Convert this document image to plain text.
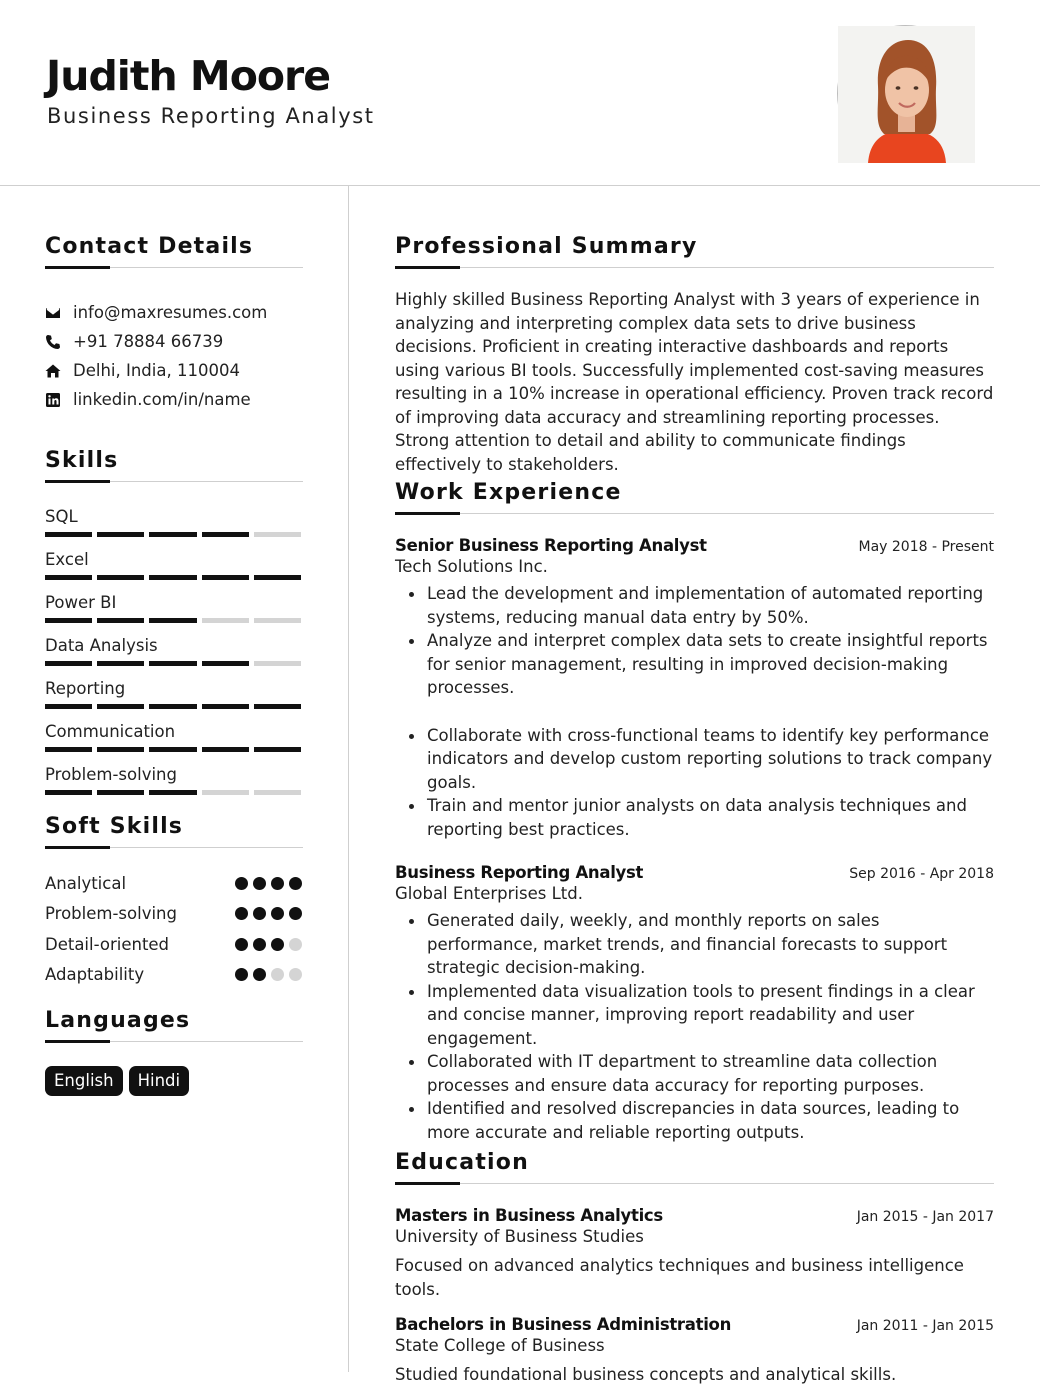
Judith Moore
Business Reporting Analyst
Contact Details
info@maxresumes.com
+91 78884 66739
Delhi, India, 110004
linkedin.com/in/name
Skills
SQL
Excel
Power BI
Data Analysis
Reporting
Communication
Problem-solving
Soft Skills
Analytical
Problem-solving
Detail-oriented
Adaptability
Languages
English	Hindi
Professional Summary
Highly skilled Business Reporting Analyst with 3 years of experience in analyzing and interpreting complex data sets to drive business decisions. Proficient in creating interactive dashboards and reports using various BI tools. Successfully implemented cost-saving measures resulting in a 10% increase in operational efficiency. Proven track record of improving data accuracy and streamlining reporting processes. Strong attention to detail and ability to communicate findings effectively to stakeholders.
Work Experience
Senior Business Reporting Analyst	May 2018 - Present
Tech Solutions Inc.
Lead the development and implementation of automated reporting systems, reducing manual data entry by 50%.
Analyze and interpret complex data sets to create insightful reports for senior management, resulting in improved decision-making processes.
Collaborate with cross-functional teams to identify key performance indicators and develop custom reporting solutions to track company goals.
Train and mentor junior analysts on data analysis techniques and reporting best practices.
Business Reporting Analyst	Sep 2016 - Apr 2018
Global Enterprises Ltd.
Generated daily, weekly, and monthly reports on sales performance, market trends, and financial forecasts to support strategic decision-making.
Implemented data visualization tools to present findings in a clear and concise manner, improving report readability and user engagement.
Collaborated with IT department to streamline data collection processes and ensure data accuracy for reporting purposes.
Identified and resolved discrepancies in data sources, leading to more accurate and reliable reporting outputs.
Education
Masters in Business Analytics	Jan 2015 - Jan 2017
University of Business Studies
Focused on advanced analytics techniques and business intelligence tools.
Bachelors in Business Administration	Jan 2011 - Jan 2015
State College of Business
Studied foundational business concepts and analytical skills.
